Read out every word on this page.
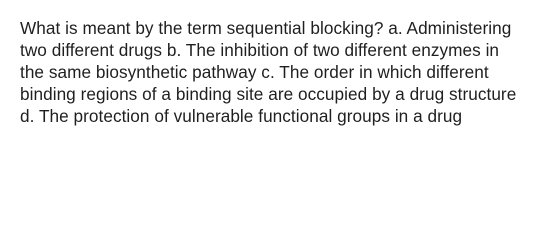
What is meant by the term sequential blocking? a. Administering
two different drugs b. The inhibition of two different enzymes in
the same biosynthetic pathway c. The order in which different
binding regions of a binding site are occupied by a drug structure
d. The protection of vulnerable functional groups in a drug
